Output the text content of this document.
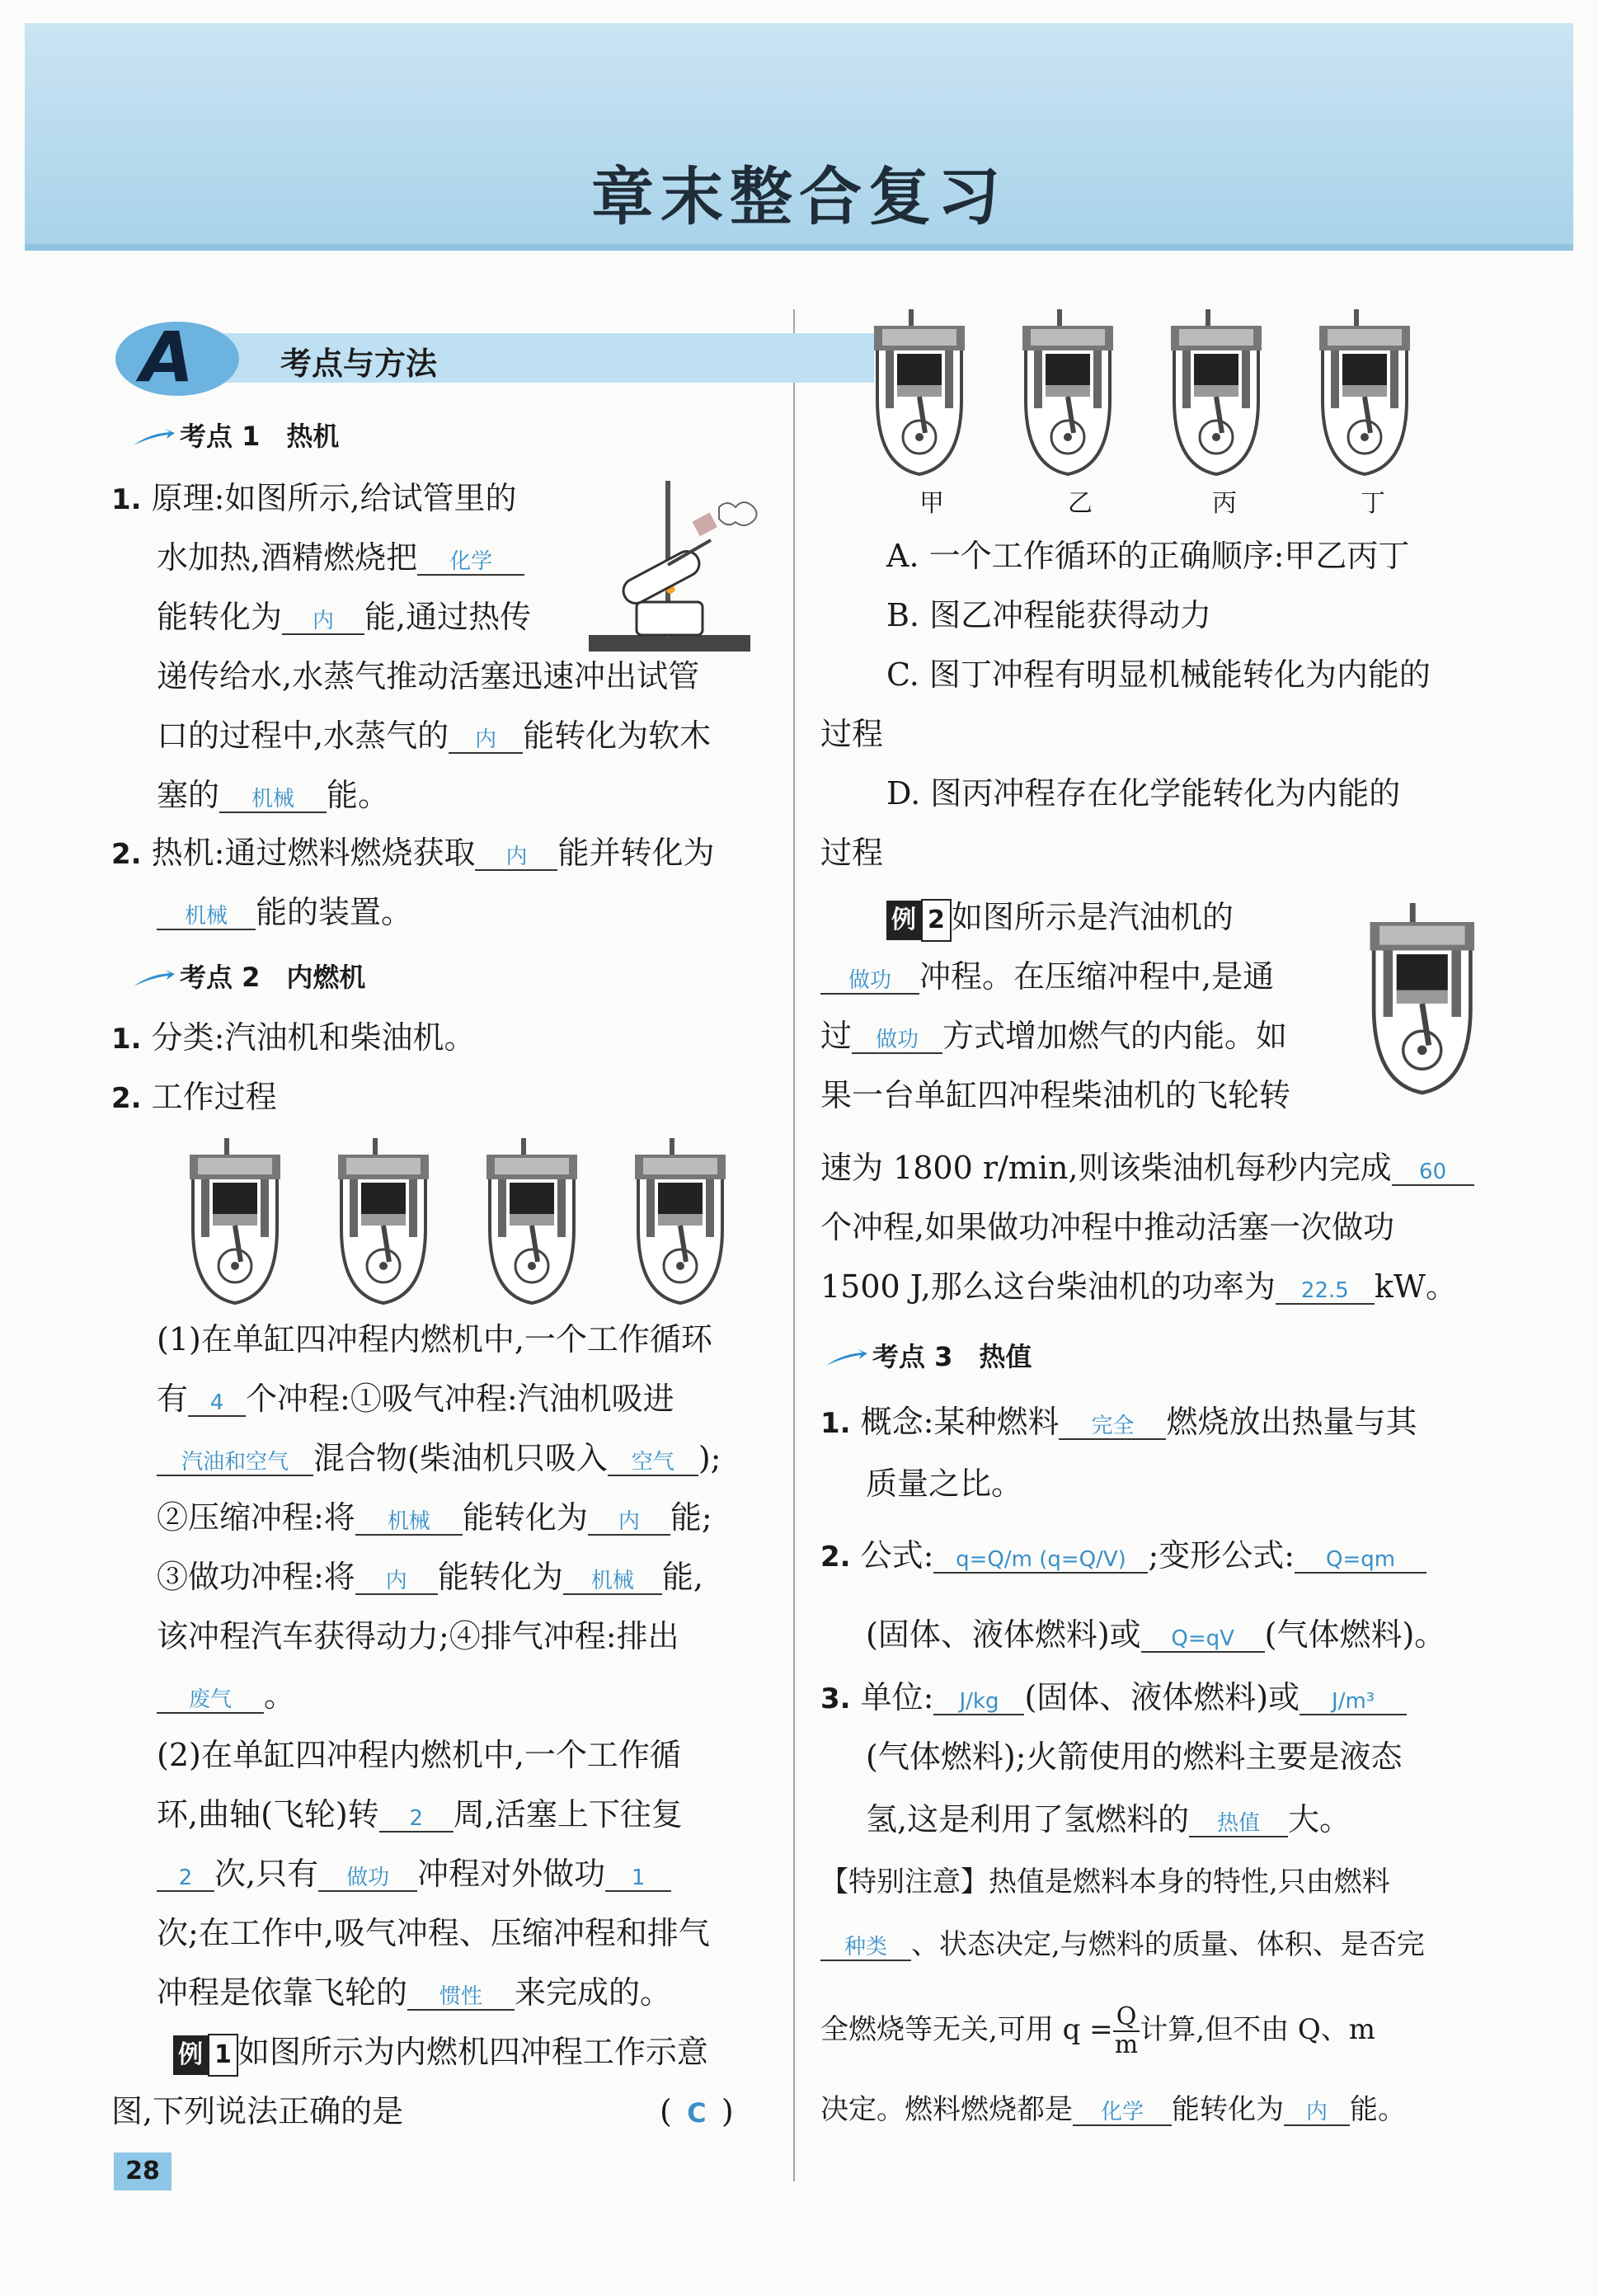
章末整合复习
A	考点与方法
考点 1　热机
1. 原理:如图所示,给试管里的
水加热,酒精燃烧把 化学
能转化为 内 能,通过热传
递传给水,水蒸气推动活塞迅速冲出试管
口的过程中,水蒸气的 内 能转化为软木
塞的 机械 能。
2. 热机:通过燃料燃烧获取 内 能并转化为
机械 能的装置。
考点 2　内燃机
1. 分类:汽油机和柴油机。
2. 工作过程
(1)在单缸四冲程内燃机中,一个工作循环
有 4 个冲程:①吸气冲程:汽油机吸进
汽油和空气 混合物(柴油机只吸入 空气 );
②压缩冲程:将 机械 能转化为 内 能;
③做功冲程:将 内 能转化为 机械 能,
该冲程汽车获得动力;④排气冲程:排出
废气 。
(2)在单缸四冲程内燃机中,一个工作循
环,曲轴(飞轮)转 2 周,活塞上下往复
2 次,只有 做功 冲程对外做功 1
次;在工作中,吸气冲程、压缩冲程和排气
冲程是依靠飞轮的 惯性 来完成的。
例 1 如图所示为内燃机四冲程工作示意
图,下列说法正确的是	( C )
甲	乙	丙	丁
A. 一个工作循环的正确顺序:甲乙丙丁
B. 图乙冲程能获得动力
C. 图丁冲程有明显机械能转化为内能的
过程
D. 图丙冲程存在化学能转化为内能的
过程
例 2 如图所示是汽油机的
做功 冲程。在压缩冲程中,是通
过 做功 方式增加燃气的内能。如
果一台单缸四冲程柴油机的飞轮转
速为 1800 r/min,则该柴油机每秒内完成 60
个冲程,如果做功冲程中推动活塞一次做功
1500 J,那么这台柴油机的功率为 22.5 kW。
考点 3　热值
1. 概念:某种燃料 完全 燃烧放出热量与其
质量之比。
2. 公式: q=Q/m (q=Q/V) ;变形公式: Q=qm
(固体、液体燃料)或 Q=qV (气体燃料)。
3. 单位: J/kg (固体、液体燃料)或 J/m³
(气体燃料);火箭使用的燃料主要是液态
氢,这是利用了氢燃料的 热值 大。
【特别注意】热值是燃料本身的特性,只由燃料
种类 、状态决定,与燃料的质量、体积、是否完
全燃烧等无关,可用 $q = \frac{Q}{m}$ 计算,但不由 Q、m
决定。燃料燃烧都是 化学 能转化为 内 能。
28
